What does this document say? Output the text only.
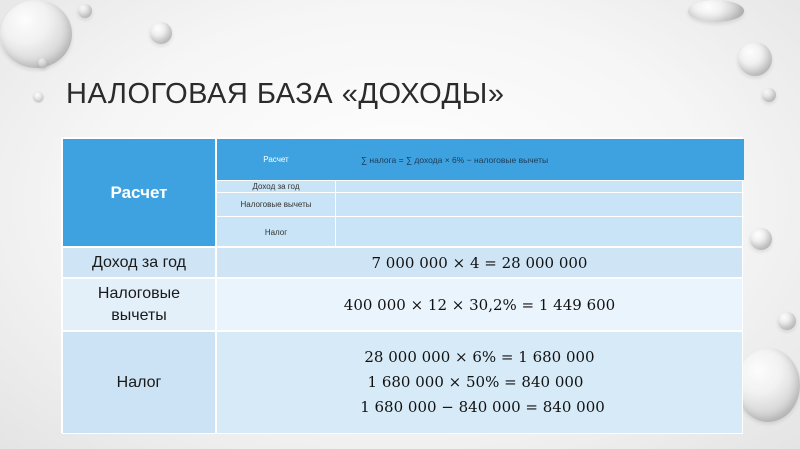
НАЛОГОВАЯ БАЗА «ДОХОДЫ»
Расчет
Расчет	∑ налога = ∑ дохода × 6% − налоговые вычеты
Доход за год
Налоговые вычеты
Налог
Доход за год	7 000 000 × 4 = 28 000 000
Налоговые вычеты
400 000 × 12 × 30,2% = 1 449 600
Налог
28 000 000 × 6% = 1 680 000
1 680 000 × 50% = 840 000
1 680 000 − 840 000 = 840 000
